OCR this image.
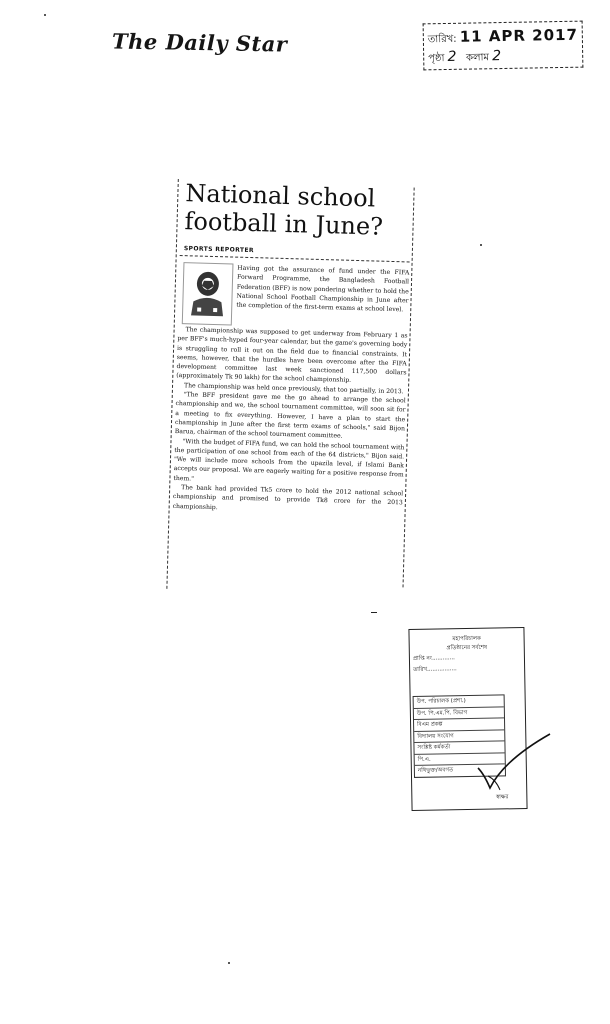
The Daily Star	তারিখ: 11 APR 2017
পৃষ্ঠা 2 কলাম 2
National school football in June?
SPORTS REPORTER

Having got the assurance of fund under the FIFA Forward Programme, the Bangladesh Football Federation (BFF) is now pondering whether to hold the National School Football Championship in June after the completion of the first-term exams at school level.

The championship was supposed to get underway from February 1 as per BFF's much-hyped four-year calendar, but the game's governing body is struggling to roll it out on the field due to financial constraints. It seems, however, that the hurdles have been overcome after the FIFA development committee last week sanctioned 117,500 dollars (approximately Tk 90 lakh) for the school championship.

The championship was held once previously, that too partially, in 2013.

"The BFF president gave me the go ahead to arrange the school championship and we, the school tournament committee, will soon sit for a meeting to fix everything. However, I have a plan to start the championship in June after the first term exams of schools," said Bijon Barua, chairman of the school tournament committee.

"With the budget of FIFA fund, we can hold the school tournament with the participation of one school from each of the 64 districts," Bijon said. "We will include more schools from the upazila level, if Islami Bank accepts our proposal. We are eagerly waiting for a positive response from them."

The bank had provided Tk5 crore to hold the 2012 national school championship and promised to provide Tk8 crore for the 2013 championship.

মহাপরিচালক
প্রতিষ্ঠানের সর্বশেষ
প্রাপ্তি নং.............
তারিখ.................
উপ. পরিচালক (প্রশা.)
উপ. পি.এম.পি. বিভাগ
বিএম প্রকল্প
বিদ্যালয় সংযোগ
সংশ্লিষ্ট কর্মকর্তা
পি.এ.
নথিভুক্ত/অবগত
স্বাক্ষর
